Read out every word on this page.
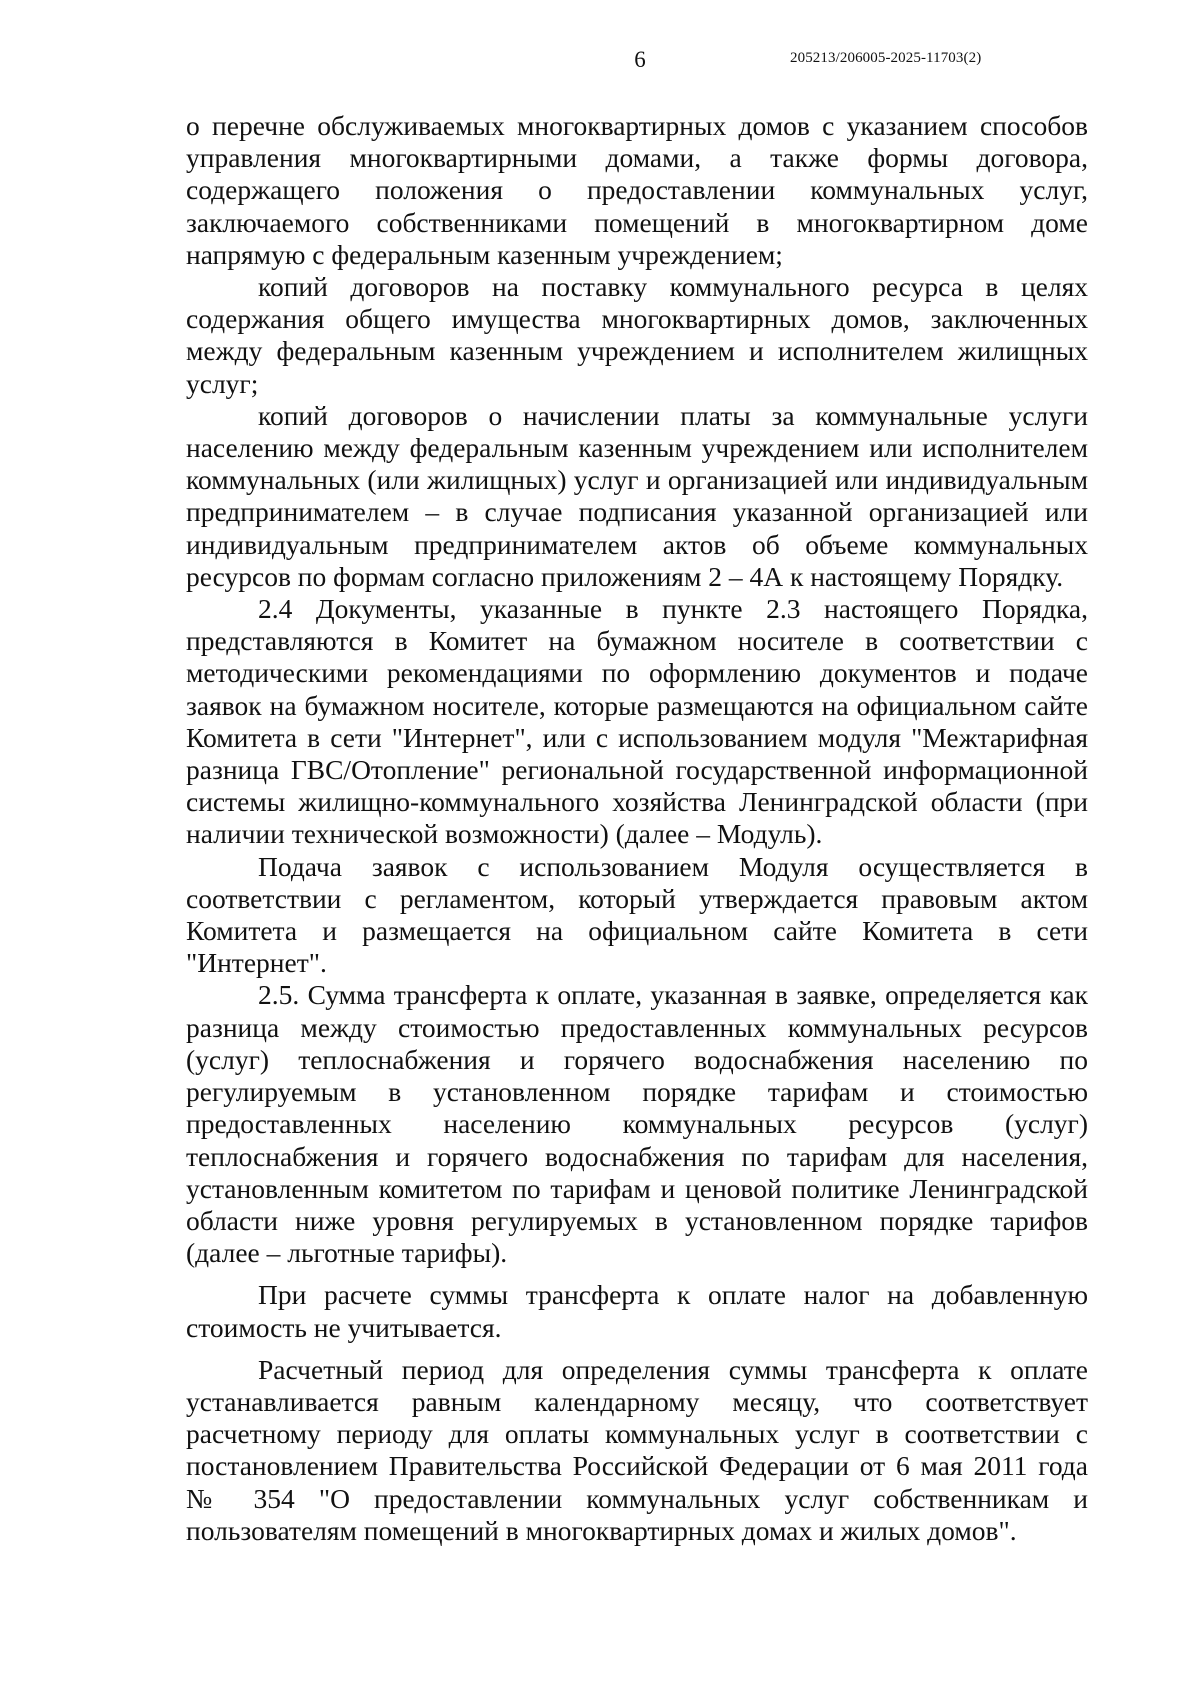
6	205213/206005-2025-11703(2)

о перечне обслуживаемых многоквартирных домов с указанием способов управления многоквартирными домами, а также формы договора, содержащего положения о предоставлении коммунальных услуг, заключаемого собственниками помещений в многоквартирном доме напрямую с федеральным казенным учреждением;

копий договоров на поставку коммунального ресурса в целях содержания общего имущества многоквартирных домов, заключенных между федеральным казенным учреждением и исполнителем жилищных услуг;

копий договоров о начислении платы за коммунальные услуги населению между федеральным казенным учреждением или исполнителем коммунальных (или жилищных) услуг и организацией или индивидуальным предпринимателем – в случае подписания указанной организацией или индивидуальным предпринимателем актов об объеме коммунальных ресурсов по формам согласно приложениям 2 – 4А к настоящему Порядку.

2.4 Документы, указанные в пункте 2.3 настоящего Порядка, представляются в Комитет на бумажном носителе в соответствии с методическими рекомендациями по оформлению документов и подаче заявок на бумажном носителе, которые размещаются на официальном сайте Комитета в сети "Интернет", или с использованием модуля "Межтарифная разница ГВС/Отопление" региональной государственной информационной системы жилищно-коммунального хозяйства Ленинградской области (при наличии технической возможности) (далее – Модуль).

Подача заявок с использованием Модуля осуществляется в соответствии с регламентом, который утверждается правовым актом Комитета и размещается на официальном сайте Комитета в сети "Интернет".

2.5. Сумма трансферта к оплате, указанная в заявке, определяется как разница между стоимостью предоставленных коммунальных ресурсов (услуг) теплоснабжения и горячего водоснабжения населению по регулируемым в установленном порядке тарифам и стоимостью предоставленных населению коммунальных ресурсов (услуг) теплоснабжения и горячего водоснабжения по тарифам для населения, установленным комитетом по тарифам и ценовой политике Ленинградской области ниже уровня регулируемых в установленном порядке тарифов (далее – льготные тарифы).

При расчете суммы трансферта к оплате налог на добавленную стоимость не учитывается.

Расчетный период для определения суммы трансферта к оплате устанавливается равным календарному месяцу, что соответствует расчетному периоду для оплаты коммунальных услуг в соответствии с постановлением Правительства Российской Федерации от 6 мая 2011 года № 354 "О предоставлении коммунальных услуг собственникам и пользователям помещений в многоквартирных домах и жилых домов".
